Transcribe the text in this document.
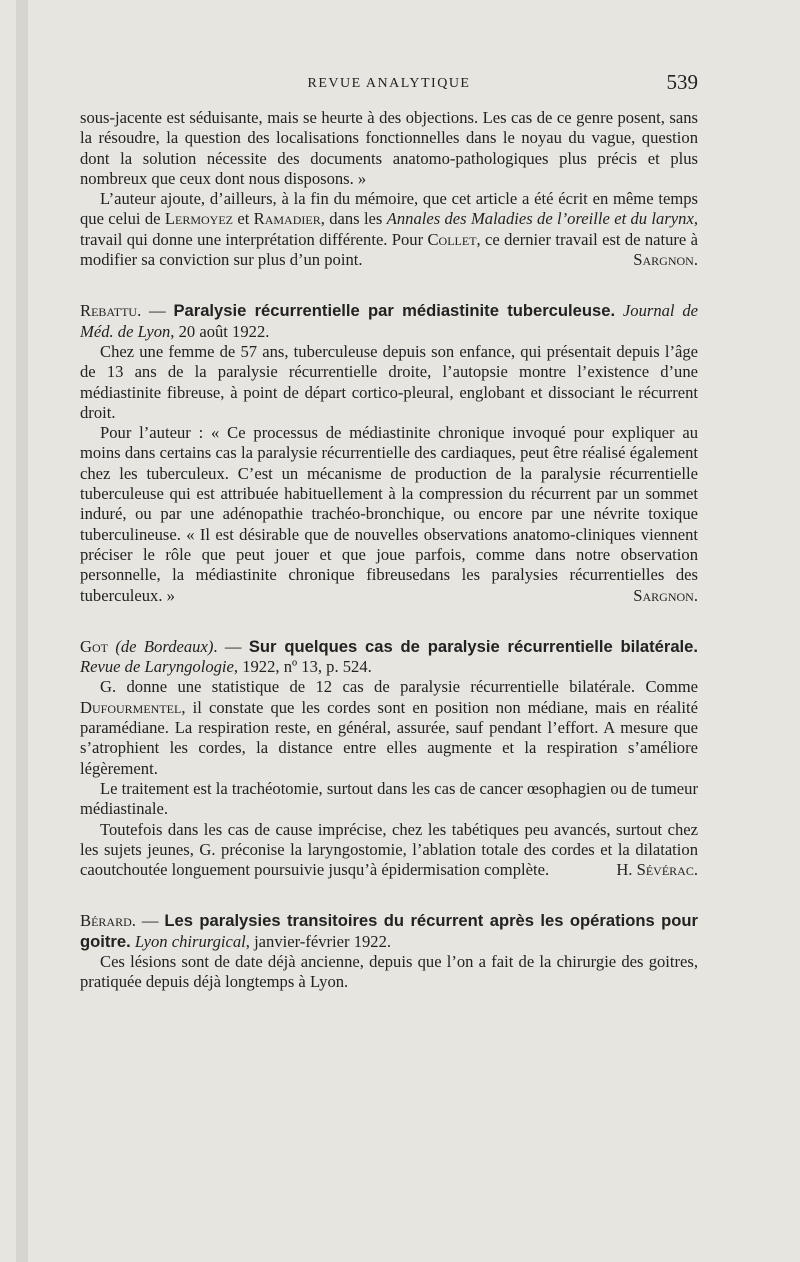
REVUE ANALYTIQUE	539

sous-jacente est séduisante, mais se heurte à des objections. Les cas de ce genre posent, sans la résoudre, la question des localisations fonctionnelles dans le noyau du vague, question dont la solution nécessite des documents anatomo-pathologiques plus précis et plus nombreux que ceux dont nous disposons. »

L’auteur ajoute, d’ailleurs, à la fin du mémoire, que cet article a été écrit en même temps que celui de Lermoyez et Ramadier, dans les Annales des Maladies de l’oreille et du larynx, travail qui donne une interprétation différente. Pour Collet, ce dernier travail est de nature à modifier sa conviction sur plus d’un point.	Sargnon.

Rebattu. — Paralysie récurrentielle par médiastinite tuberculeuse. Journal de Méd. de Lyon, 20 août 1922.

Chez une femme de 57 ans, tuberculeuse depuis son enfance, qui présentait depuis l’âge de 13 ans de la paralysie récurrentielle droite, l’autopsie montre l’existence d’une médiastinite fibreuse, à point de départ cortico-pleural, englobant et dissociant le récurrent droit.

Pour l’auteur : « Ce processus de médiastinite chronique invoqué pour expliquer au moins dans certains cas la paralysie récurrentielle des cardiaques, peut être réalisé également chez les tuberculeux. C’est un mécanisme de production de la paralysie récurrentielle tuberculeuse qui est attribuée habituellement à la compression du récurrent par un sommet induré, ou par une adénopathie trachéo-bronchique, ou encore par une névrite toxique tuberculineuse. « Il est désirable que de nouvelles observations anatomo-cliniques viennent préciser le rôle que peut jouer et que joue parfois, comme dans notre observation personnelle, la médiastinite chronique fibreusedans les paralysies récurrentielles des tuberculeux. »	Sargnon.

Got (de Bordeaux). — Sur quelques cas de paralysie récurrentielle bilatérale. Revue de Laryngologie, 1922, nº 13, p. 524.

G. donne une statistique de 12 cas de paralysie récurrentielle bilatérale. Comme Dufourmentel, il constate que les cordes sont en position non médiane, mais en réalité paramédiane. La respiration reste, en général, assurée, sauf pendant l’effort. A mesure que s’atrophient les cordes, la distance entre elles augmente et la respiration s’améliore légèrement.

Le traitement est la trachéotomie, surtout dans les cas de cancer œsophagien ou de tumeur médiastinale.

Toutefois dans les cas de cause imprécise, chez les tabétiques peu avancés, surtout chez les sujets jeunes, G. préconise la laryngostomie, l’ablation totale des cordes et la dilatation caoutchoutée longuement poursuivie jusqu’à épidermisation complète.	H. Sévérac.

Bérard. — Les paralysies transitoires du récurrent après les opérations pour goitre. Lyon chirurgical, janvier-février 1922.

Ces lésions sont de date déjà ancienne, depuis que l’on a fait de la chirurgie des goitres, pratiquée depuis déjà longtemps à Lyon.
